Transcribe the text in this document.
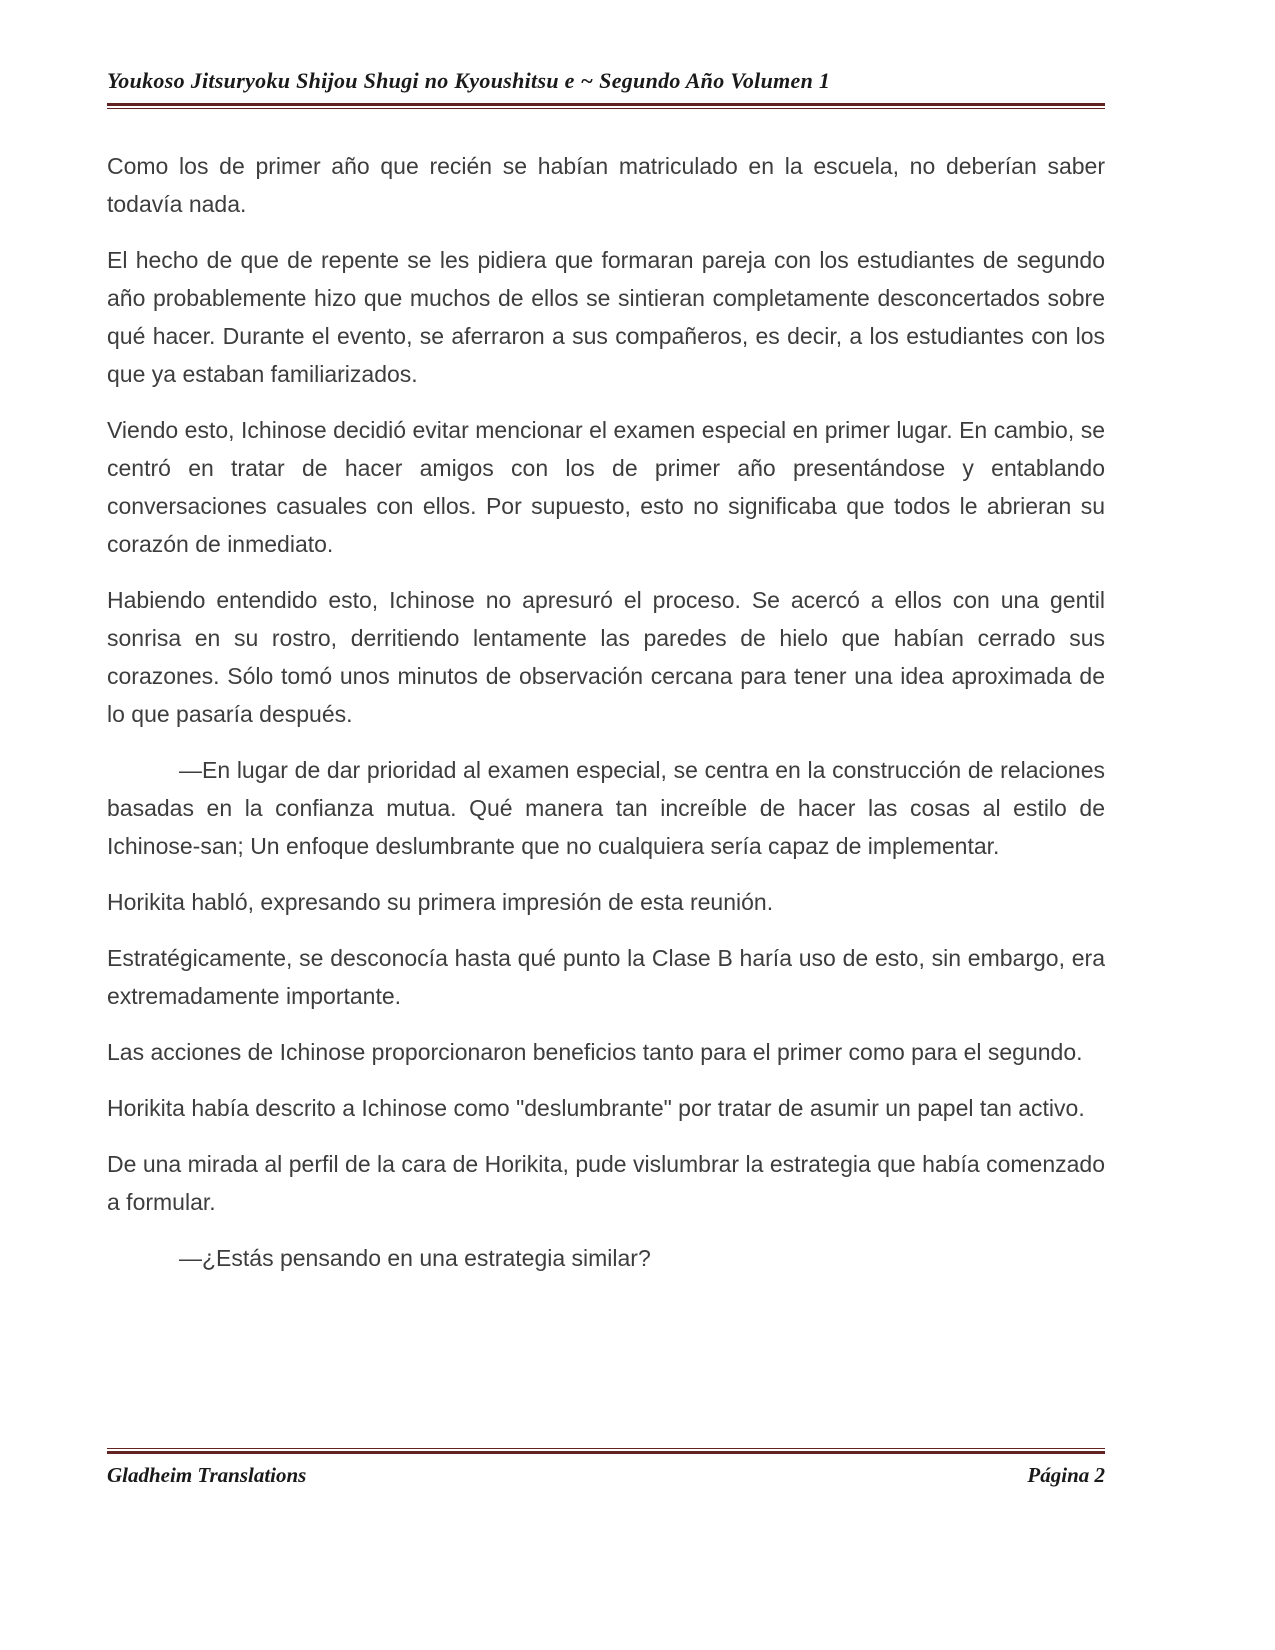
Youkoso Jitsuryoku Shijou Shugi no Kyoushitsu e ~ Segundo Año Volumen 1

Como los de primer año que recién se habían matriculado en la escuela, no deberían saber todavía nada.

El hecho de que de repente se les pidiera que formaran pareja con los estudiantes de segundo año probablemente hizo que muchos de ellos se sintieran completamente desconcertados sobre qué hacer. Durante el evento, se aferraron a sus compañeros, es decir, a los estudiantes con los que ya estaban familiarizados.

Viendo esto, Ichinose decidió evitar mencionar el examen especial en primer lugar. En cambio, se centró en tratar de hacer amigos con los de primer año presentándose y entablando conversaciones casuales con ellos. Por supuesto, esto no significaba que todos le abrieran su corazón de inmediato.

Habiendo entendido esto, Ichinose no apresuró el proceso. Se acercó a ellos con una gentil sonrisa en su rostro, derritiendo lentamente las paredes de hielo que habían cerrado sus corazones. Sólo tomó unos minutos de observación cercana para tener una idea aproximada de lo que pasaría después.

—En lugar de dar prioridad al examen especial, se centra en la construcción de relaciones basadas en la confianza mutua. Qué manera tan increíble de hacer las cosas al estilo de Ichinose-san; Un enfoque deslumbrante que no cualquiera sería capaz de implementar.

Horikita habló, expresando su primera impresión de esta reunión.

Estratégicamente, se desconocía hasta qué punto la Clase B haría uso de esto, sin embargo, era extremadamente importante.

Las acciones de Ichinose proporcionaron beneficios tanto para el primer como para el segundo.

Horikita había descrito a Ichinose como "deslumbrante" por tratar de asumir un papel tan activo.

De una mirada al perfil de la cara de Horikita, pude vislumbrar la estrategia que había comenzado a formular.

—¿Estás pensando en una estrategia similar?

Gladheim Translations	Página 2
